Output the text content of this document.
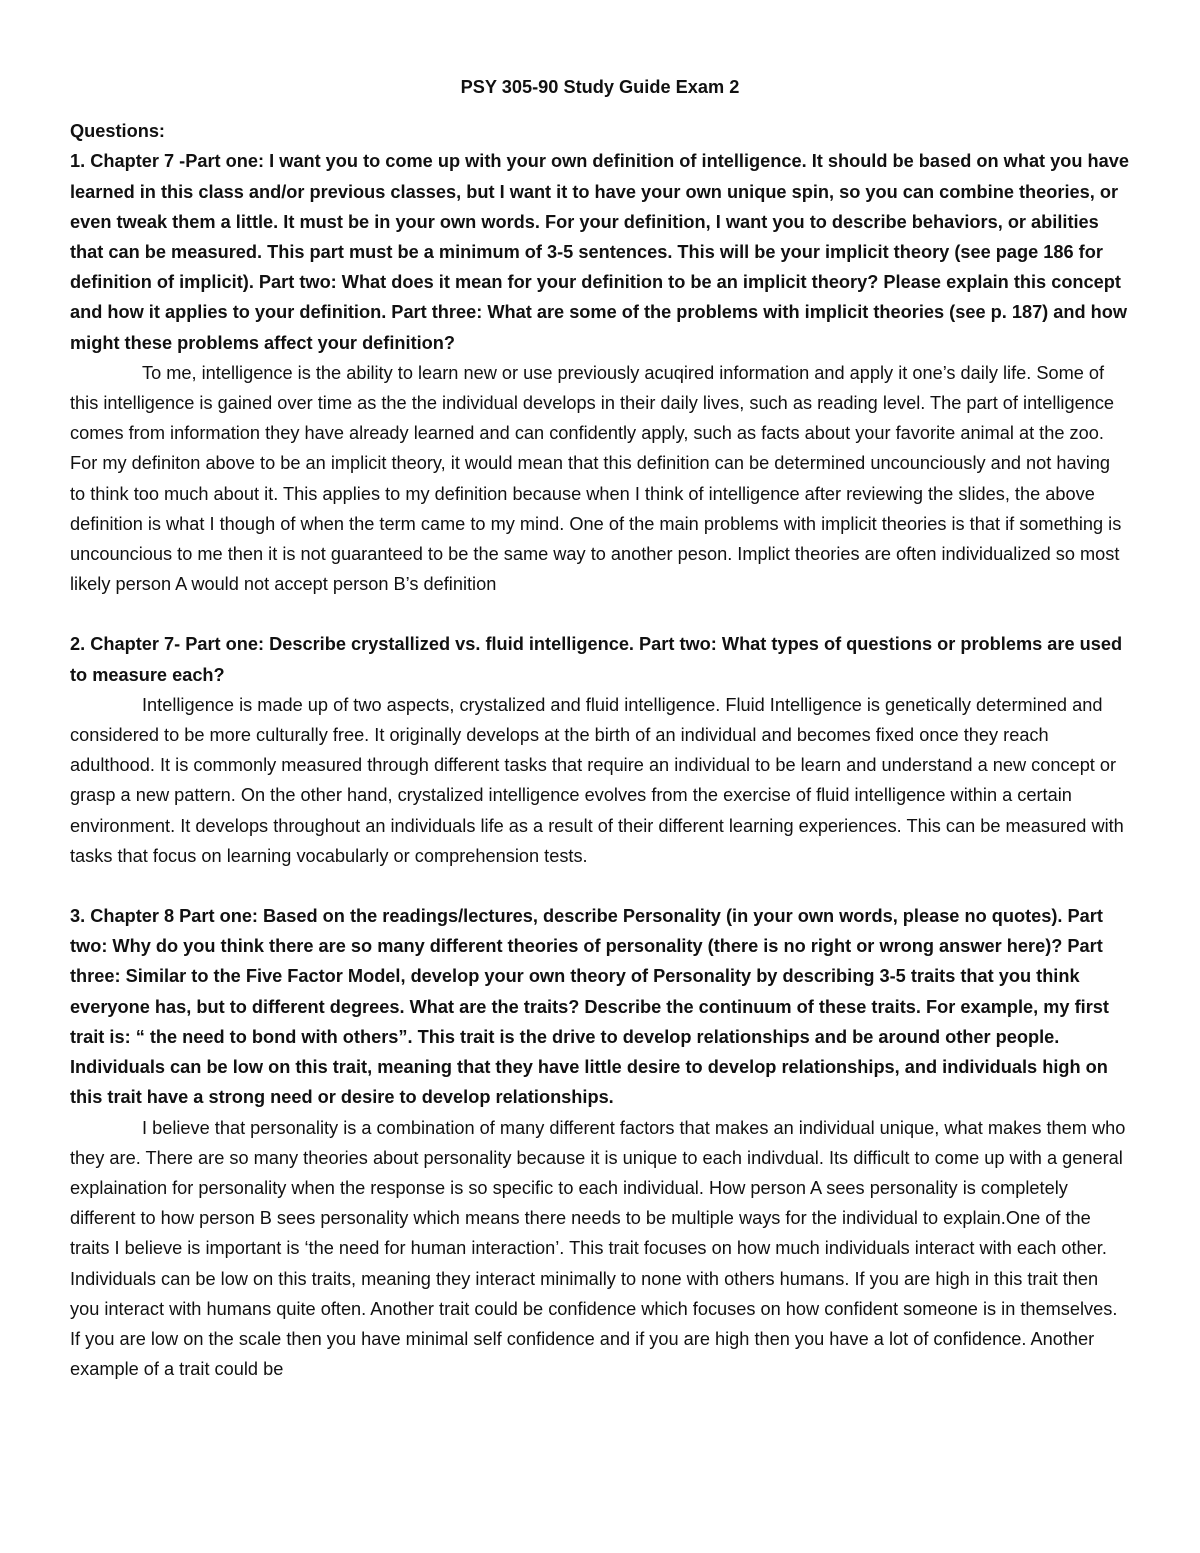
PSY 305-90 Study Guide Exam 2

Questions:

1. Chapter 7 -Part one: I want you to come up with your own definition of intelligence. It should be based on what you have learned in this class and/or previous classes, but I want it to have your own unique spin, so you can combine theories, or even tweak them a little. It must be in your own words. For your definition, I want you to describe behaviors, or abilities that can be measured. This part must be a minimum of 3-5 sentences. This will be your implicit theory (see page 186 for definition of implicit). Part two: What does it mean for your definition to be an implicit theory? Please explain this concept and how it applies to your definition. Part three: What are some of the problems with implicit theories (see p. 187) and how might these problems affect your definition?

To me, intelligence is the ability to learn new or use previously acuqired information and apply it one’s daily life. Some of this intelligence is gained over time as the the individual develops in their daily lives, such as reading level. The part of intelligence comes from information they have already learned and can confidently apply, such as facts about your favorite animal at the zoo. For my definiton above to be an implicit theory, it would mean that this definition can be determined uncounciously and not having to think too much about it. This applies to my definition because when I think of intelligence after reviewing the slides, the above definition is what I though of when the term came to my mind. One of the main problems with implicit theories is that if something is uncouncious to me then it is not guaranteed to be the same way to another peson. Implict theories are often individualized so most likely person A would not accept person B’s definition

2. Chapter 7- Part one: Describe crystallized vs. fluid intelligence. Part two: What types of questions or problems are used to measure each?

Intelligence is made up of two aspects, crystalized and fluid intelligence. Fluid Intelligence is genetically determined and considered to be more culturally free. It originally develops at the birth of an individual and becomes fixed once they reach adulthood. It is commonly measured through different tasks that require an individual to be learn and understand a new concept or grasp a new pattern. On the other hand, crystalized intelligence evolves from the exercise of fluid intelligence within a certain environment. It develops throughout an individuals life as a result of their different learning experiences. This can be measured with tasks that focus on learning vocabularly or comprehension tests.

3. Chapter 8 Part one: Based on the readings/lectures, describe Personality (in your own words, please no quotes). Part two: Why do you think there are so many different theories of personality (there is no right or wrong answer here)? Part three: Similar to the Five Factor Model, develop your own theory of Personality by describing 3-5 traits that you think everyone has, but to different degrees. What are the traits? Describe the continuum of these traits. For example, my first trait is: “ the need to bond with others”. This trait is the drive to develop relationships and be around other people. Individuals can be low on this trait, meaning that they have little desire to develop relationships, and individuals high on this trait have a strong need or desire to develop relationships.

I believe that personality is a combination of many different factors that makes an individual unique, what makes them who they are. There are so many theories about personality because it is unique to each indivdual. Its difficult to come up with a general explaination for personality when the response is so specific to each individual. How person A sees personality is completely different to how person B sees personality which means there needs to be multiple ways for the individual to explain.One of the traits I believe is important is ‘the need for human interaction’. This trait focuses on how much individuals interact with each other. Individuals can be low on this traits, meaning they interact minimally to none with others humans. If you are high in this trait then you interact with humans quite often. Another trait could be confidence which focuses on how confident someone is in themselves. If you are low on the scale then you have minimal self confidence and if you are high then you have a lot of confidence. Another example of a trait could be
